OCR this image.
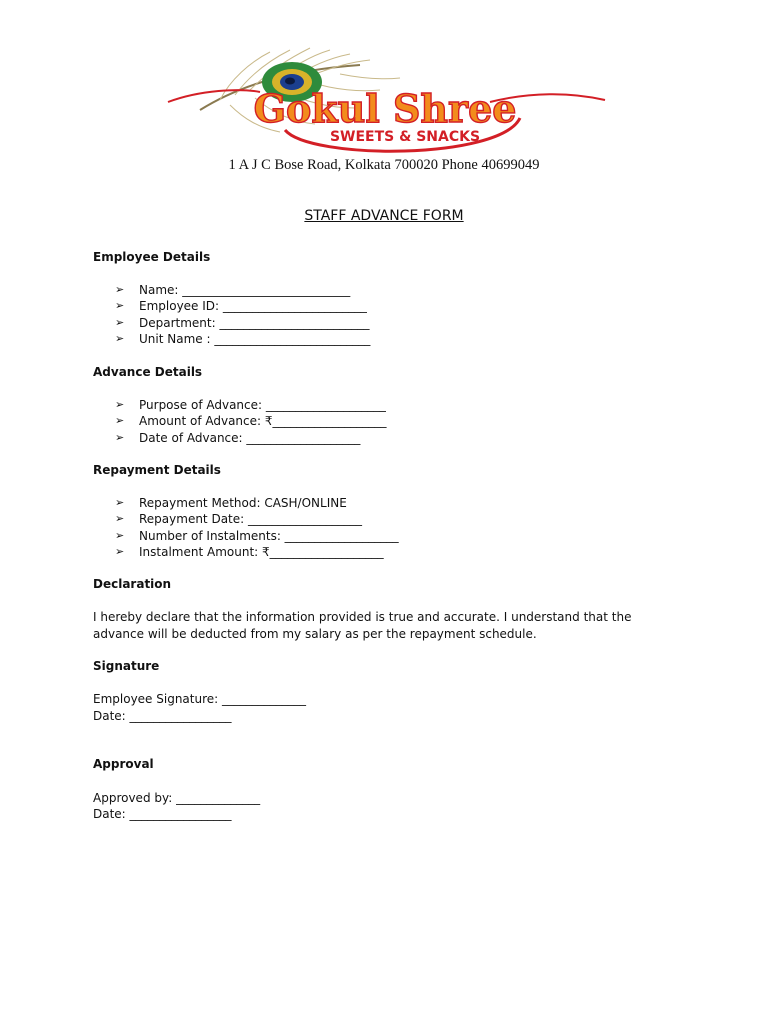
Gokul Shree
SWEETS & SNACKS
1 A J C Bose Road, Kolkata 700020 Phone 40699049
STAFF ADVANCE FORM
Employee Details
➢ Name: ____________________________
➢ Employee ID: ________________________
➢ Department: _________________________
➢ Unit Name : __________________________
Advance Details
➢ Purpose of Advance: ____________________
➢ Amount of Advance: ₹___________________
➢ Date of Advance: ___________________
Repayment Details
➢ Repayment Method: CASH/ONLINE
➢ Repayment Date: ___________________
➢ Number of Instalments: ___________________
➢ Instalment Amount: ₹___________________
Declaration
I hereby declare that the information provided is true and accurate. I understand that the advance will be deducted from my salary as per the repayment schedule.
Signature
Employee Signature: ______________
Date: _________________
Approval
Approved by: ______________
Date: _________________
